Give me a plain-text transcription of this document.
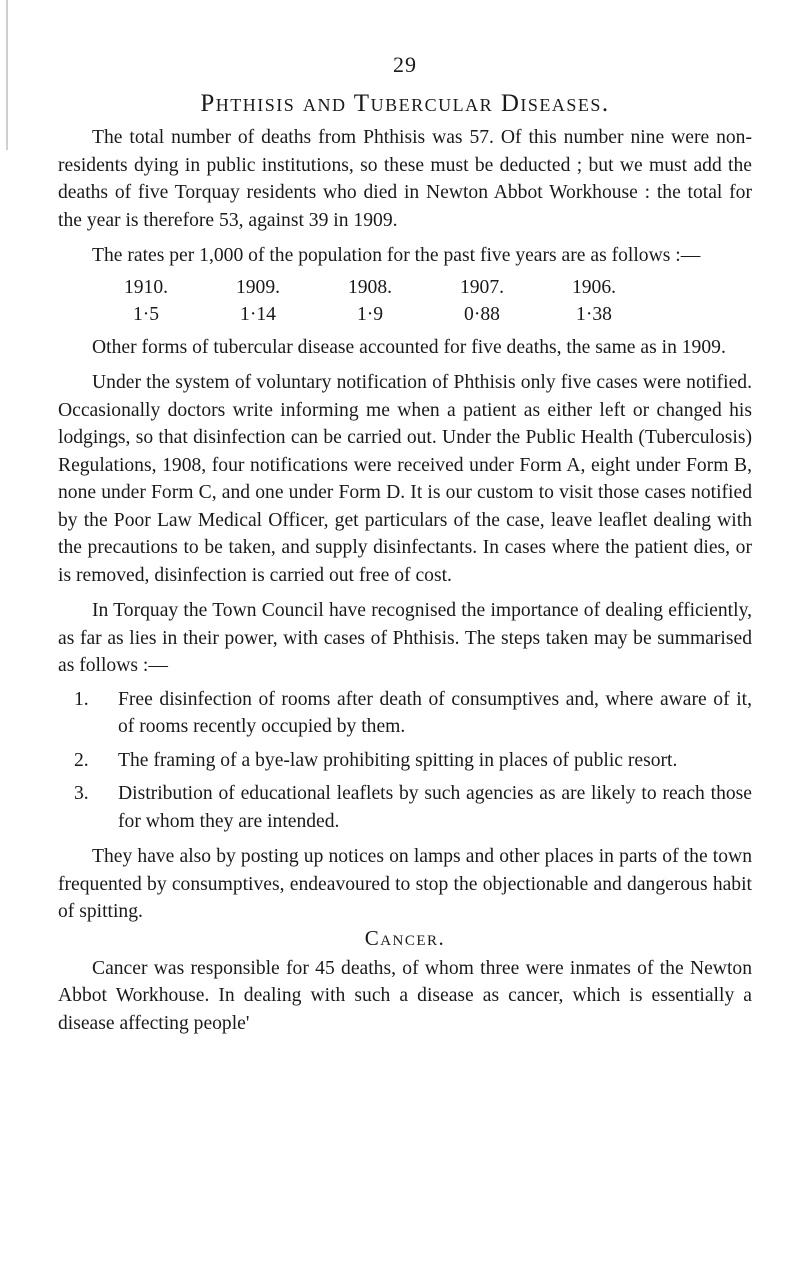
29
Phthisis and Tubercular Diseases.

The total number of deaths from Phthisis was 57. Of this number nine were non-residents dying in public institutions, so these must be deducted ; but we must add the deaths of five Torquay residents who died in Newton Abbot Workhouse : the total for the year is therefore 53, against 39 in 1909.

The rates per 1,000 of the population for the past five years are as follows :—

1910.	1909.	1908.	1907.	1906.
1·5	1·14	1·9	0·88	1·38

Other forms of tubercular disease accounted for five deaths, the same as in 1909.

Under the system of voluntary notification of Phthisis only five cases were notified. Occasionally doctors write informing me when a patient as either left or changed his lodgings, so that disinfection can be carried out. Under the Public Health (Tuberculosis) Regulations, 1908, four notifications were received under Form A, eight under Form B, none under Form C, and one under Form D. It is our custom to visit those cases notified by the Poor Law Medical Officer, get particulars of the case, leave leaflet dealing with the precautions to be taken, and supply disinfectants. In cases where the patient dies, or is removed, disinfection is carried out free of cost.

In Torquay the Town Council have recognised the importance of dealing efficiently, as far as lies in their power, with cases of Phthisis. The steps taken may be summarised as follows :—

1.	Free disinfection of rooms after death of consumptives and, where aware of it, of rooms recently occupied by them.
2.	The framing of a bye-law prohibiting spitting in places of public resort.
3.	Distribution of educational leaflets by such agencies as are likely to reach those for whom they are intended.

They have also by posting up notices on lamps and other places in parts of the town frequented by consumptives, endeavoured to stop the objectionable and dangerous habit of spitting.

Cancer.

Cancer was responsible for 45 deaths, of whom three were inmates of the Newton Abbot Workhouse. In dealing with such a disease as cancer, which is essentially a disease affecting people'
